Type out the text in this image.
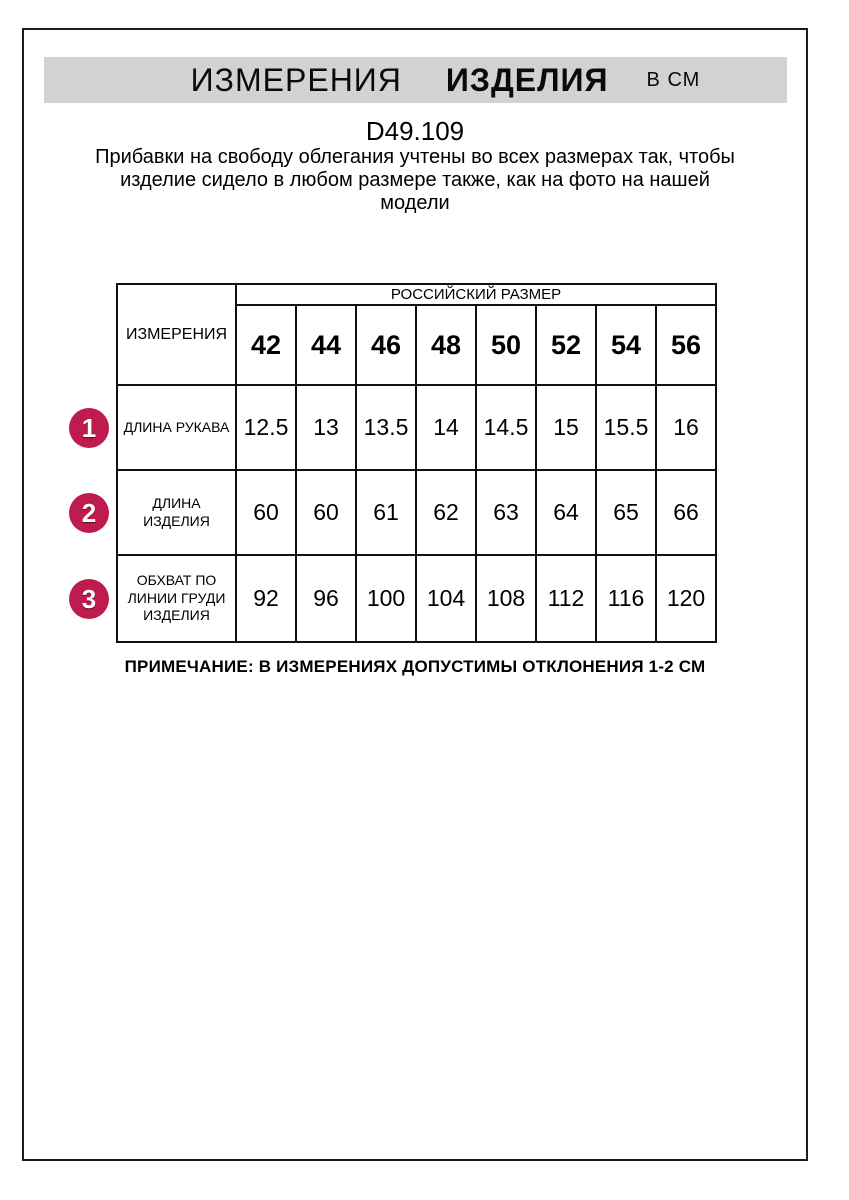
ИЗМЕРЕНИЯ ИЗДЕЛИЯ В СМ
D49.109
Прибавки на свободу облегания учтены во всех размерах так, чтобы изделие сидело в любом размере также, как на фото на нашей модели
ИЗМЕРЕНИЯ	РОССИЙСКИЙ РАЗМЕР							
	42	44	46	48	50	52	54	56

ДЛИНА РУКАВА	12.5	13	13.5	14	14.5	15	15.5	16

ДЛИНА
ИЗДЕЛИЯ	60	60	61	62	63	64	65	66

ОБХВАТ ПО
ЛИНИИ ГРУДИ
ИЗДЕЛИЯ	92	96	100	104	108	112	116	120
1
2
3
ПРИМЕЧАНИЕ: В ИЗМЕРЕНИЯХ ДОПУСТИМЫ ОТКЛОНЕНИЯ 1-2 СМ
